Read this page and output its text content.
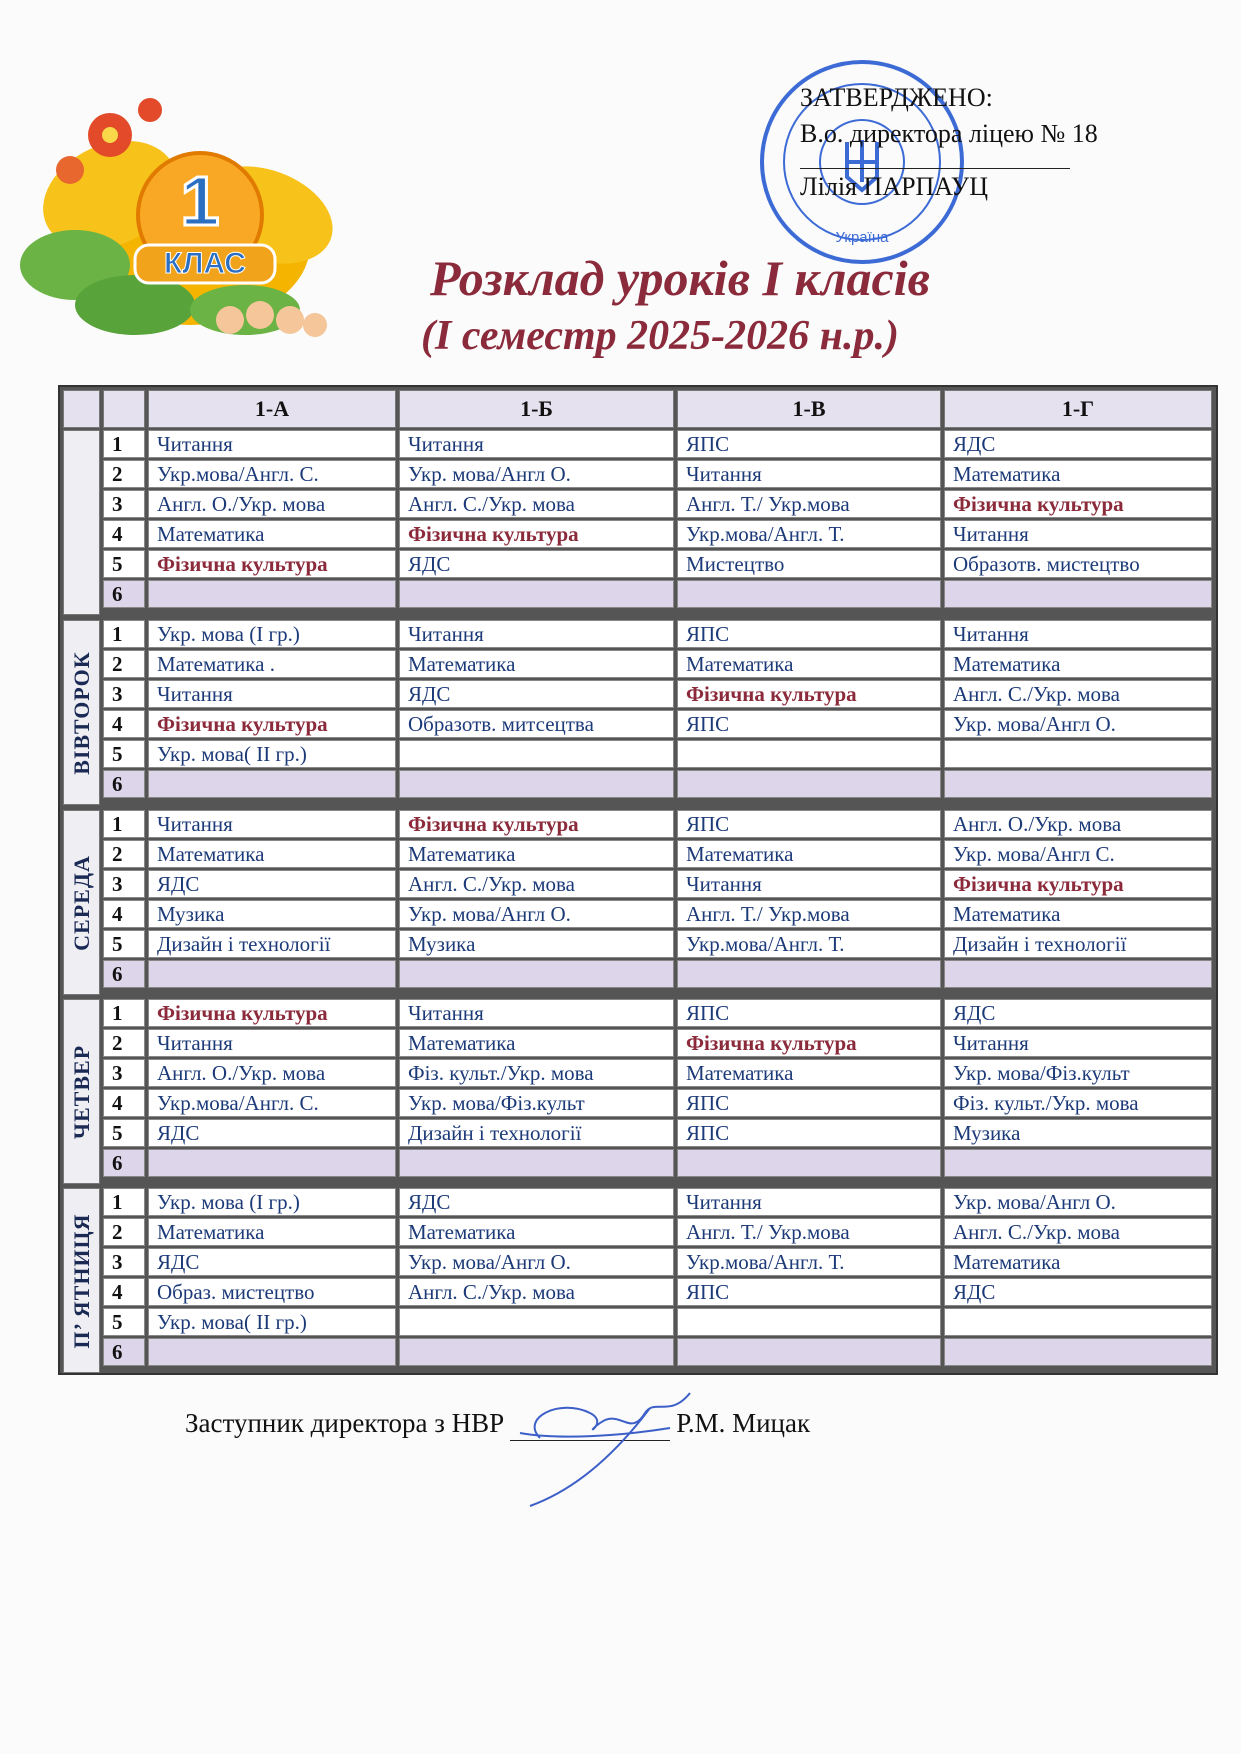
1
КЛАС
Україна
ЗАТВЕРДЖЕНО:
В.о. директора ліцею № 18
Лілія ПАРПАУЦ
Розклад уроків І класів
(І семестр 2025-2026 н.р.)
1-А	1-Б	1-В	1-Г
1	Читання	Читання	ЯПС	ЯДС
2	Укр.мова/Англ. С.	Укр. мова/Англ О.	Читання	Математика
3	Англ. О./Укр. мова	Англ. С./Укр. мова	Англ. Т./ Укр.мова	Фізична культура
4	Математика	Фізична культура	Укр.мова/Англ. Т.	Читання
5	Фізична культура	ЯДС	Мистецтво	Образотв. мистецтво
6
ВІВТОРОК
1	Укр. мова (І гр.)	Читання	ЯПС	Читання
2	Математика .	Математика	Математика	Математика
3	Читання	ЯДС	Фізична культура	Англ. С./Укр. мова
4	Фізична культура	Образотв. митсецтва	ЯПС	Укр. мова/Англ О.
5	Укр. мова( ІІ гр.)
6
СЕРЕДА
1	Читання	Фізична культура	ЯПС	Англ. О./Укр. мова
2	Математика	Математика	Математика	Укр. мова/Англ С.
3	ЯДС	Англ. С./Укр. мова	Читання	Фізична культура
4	Музика	Укр. мова/Англ О.	Англ. Т./ Укр.мова	Математика
5	Дизайн і технології	Музика	Укр.мова/Англ. Т.	Дизайн і технології
6
ЧЕТВЕР
1	Фізична культура	Читання	ЯПС	ЯДС
2	Читання	Математика	Фізична культура	Читання
3	Англ. О./Укр. мова	Фіз. культ./Укр. мова	Математика	Укр. мова/Фіз.культ
4	Укр.мова/Англ. С.	Укр. мова/Фіз.культ	ЯПС	Фіз. культ./Укр. мова
5	ЯДС	Дизайн і технології	ЯПС	Музика
6
П’ ЯТНИЦЯ
1	Укр. мова (І гр.)	ЯДС	Читання	Укр. мова/Англ О.
2	Математика	Математика	Англ. Т./ Укр.мова	Англ. С./Укр. мова
3	ЯДС	Укр. мова/Англ О.	Укр.мова/Англ. Т.	Математика
4	Образ. мистецтво	Англ. С./Укр. мова	ЯПС	ЯДС
5	Укр. мова( ІІ гр.)
6
Заступник директора з НВР	Р.М. Мицак
